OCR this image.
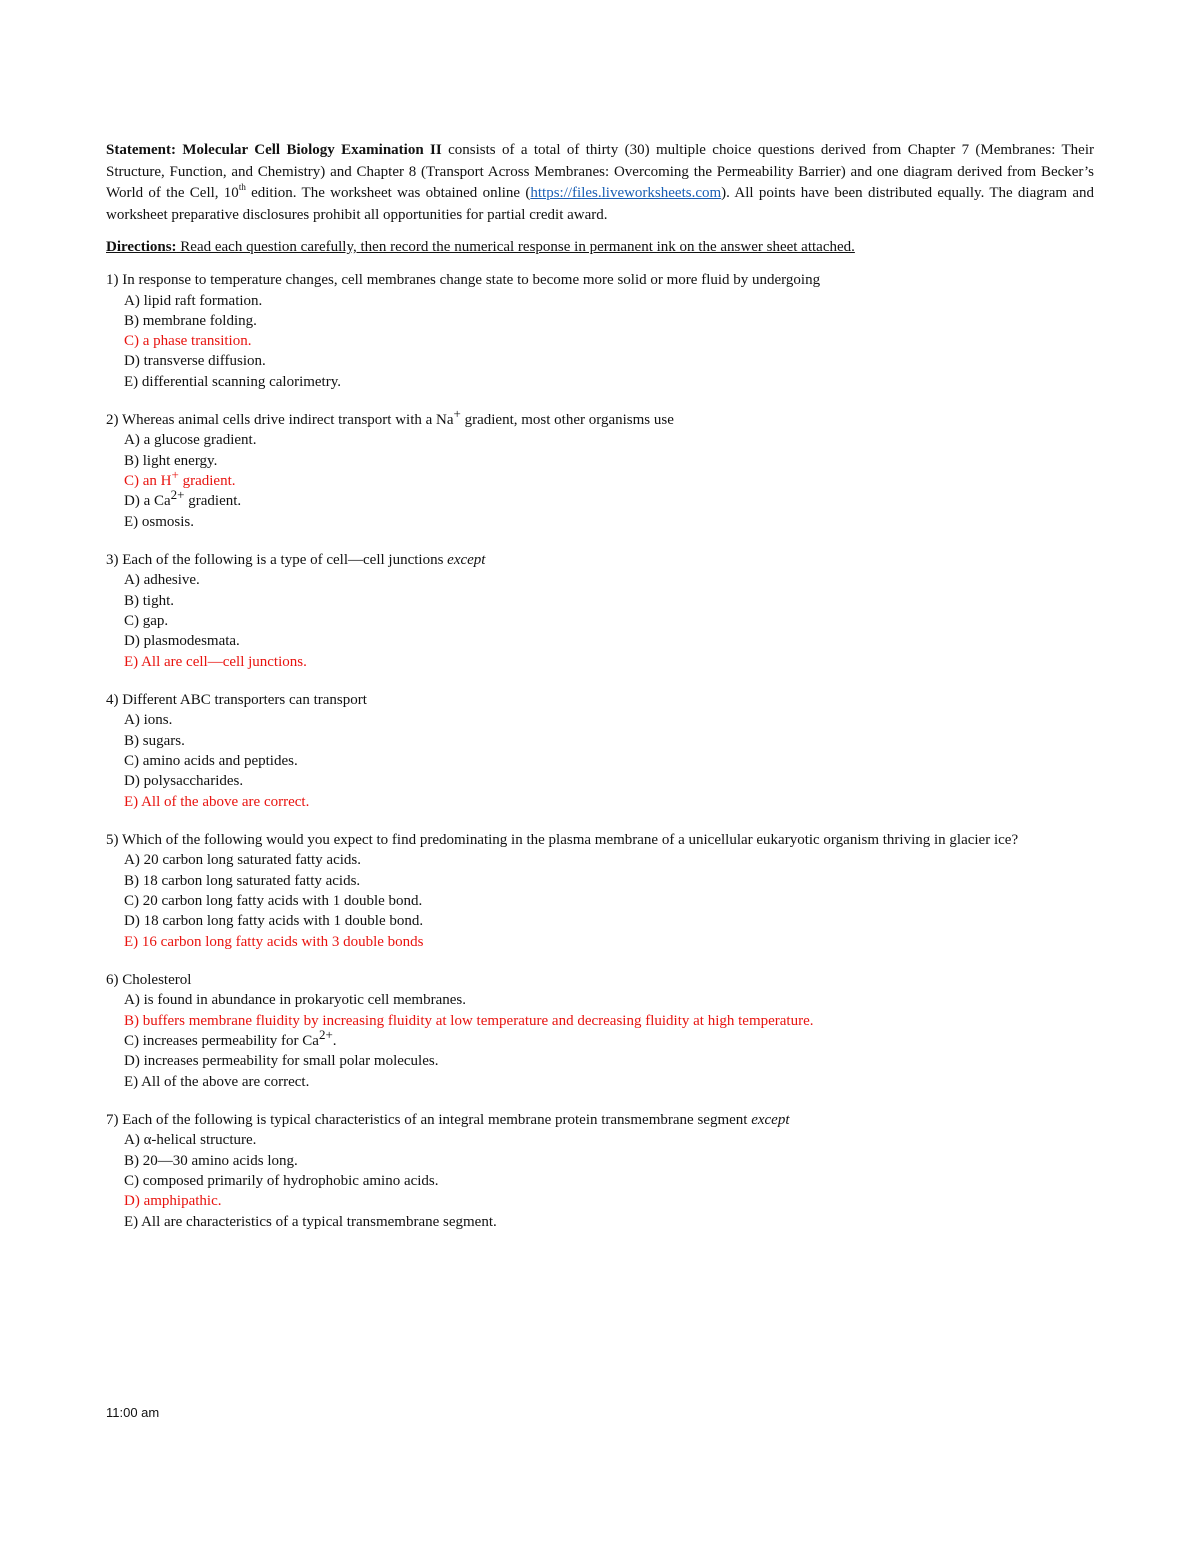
Statement: Molecular Cell Biology Examination II consists of a total of thirty (30) multiple choice questions derived from Chapter 7 (Membranes: Their Structure, Function, and Chemistry) and Chapter 8 (Transport Across Membranes: Overcoming the Permeability Barrier) and one diagram derived from Becker’s World of the Cell, 10th edition. The worksheet was obtained online (https://files.liveworksheets.com). All points have been distributed equally. The diagram and worksheet preparative disclosures prohibit all opportunities for partial credit award.

Directions: Read each question carefully, then record the numerical response in permanent ink on the answer sheet attached.

1) In response to temperature changes, cell membranes change state to become more solid or more fluid by undergoing
A) lipid raft formation.
B) membrane folding.
C) a phase transition.
D) transverse diffusion.
E) differential scanning calorimetry.
2) Whereas animal cells drive indirect transport with a Na+ gradient, most other organisms use
A) a glucose gradient.
B) light energy.
C) an H+ gradient.
D) a $Ca^{2+}$ gradient.
E) osmosis.
3) Each of the following is a type of cell—cell junctions except
A) adhesive.
B) tight.
C) gap.
D) plasmodesmata.
E) All are cell—cell junctions.
4) Different ABC transporters can transport
A) ions.
B) sugars.
C) amino acids and peptides.
D) polysaccharides.
E) All of the above are correct.
5) Which of the following would you expect to find predominating in the plasma membrane of a unicellular eukaryotic organism thriving in glacier ice?
A) 20 carbon long saturated fatty acids.
B) 18 carbon long saturated fatty acids.
C) 20 carbon long fatty acids with 1 double bond.
D) 18 carbon long fatty acids with 1 double bond.
E) 16 carbon long fatty acids with 3 double bonds
6) Cholesterol
A) is found in abundance in prokaryotic cell membranes.
B) buffers membrane fluidity by increasing fluidity at low temperature and decreasing fluidity at high temperature.
C) increases permeability for $Ca^{2+}$.
D) increases permeability for small polar molecules.
E) All of the above are correct.
7) Each of the following is typical characteristics of an integral membrane protein transmembrane segment except
A) α-helical structure.
B) 20—30 amino acids long.
C) composed primarily of hydrophobic amino acids.
D) amphipathic.
E) All are characteristics of a typical transmembrane segment.
11:00 am
